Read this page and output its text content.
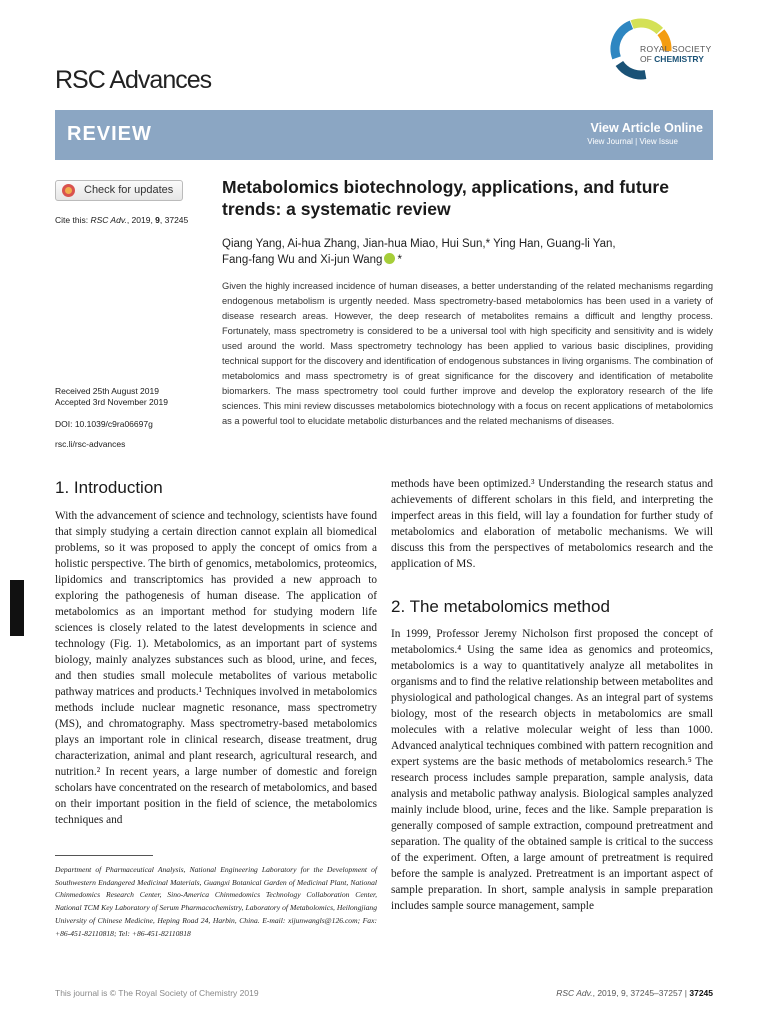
RSC Advances
ROYAL SOCIETY
OF CHEMISTRY
REVIEW	View Article Online
View Journal | View Issue
Check for updates
Cite this: RSC Adv., 2019, 9, 37245
Received 25th August 2019
Accepted 3rd November 2019
DOI: 10.1039/c9ra06697g
rsc.li/rsc-advances
Metabolomics biotechnology, applications, and future trends: a systematic review
Qiang Yang, Ai-hua Zhang, Jian-hua Miao, Hui Sun,* Ying Han, Guang-li Yan,
Fang-fang Wu and Xi-jun Wang *
Given the highly increased incidence of human diseases, a better understanding of the related mechanisms regarding endogenous metabolism is urgently needed. Mass spectrometry-based metabolomics has been used in a variety of disease research areas. However, the deep research of metabolites remains a difficult and lengthy process. Fortunately, mass spectrometry is considered to be a universal tool with high specificity and sensitivity and is widely used around the world. Mass spectrometry technology has been applied to various basic disciplines, providing technical support for the discovery and identification of endogenous substances in living organisms. The combination of metabolomics and mass spectrometry is of great significance for the discovery and identification of metabolite biomarkers. The mass spectrometry tool could further improve and develop the exploratory research of the life sciences. This mini review discusses metabolomics biotechnology with a focus on recent applications of metabolomics as a powerful tool to elucidate metabolic disturbances and the related mechanisms of diseases.
1. Introduction
With the advancement of science and technology, scientists have found that simply studying a certain direction cannot explain all biomedical problems, so it was proposed to apply the concept of omics from a holistic perspective. The birth of genomics, metabolomics, proteomics, lipidomics and transcriptomics has provided a new approach to exploring the pathogenesis of human disease. The application of metabolomics as an important method for studying modern life sciences is closely related to the latest developments in science and technology (Fig. 1). Metabolomics, as an important part of systems biology, mainly analyzes substances such as blood, urine, and feces, and then studies small molecule metabolites of various metabolic pathway matrices and products.¹ Techniques involved in metabolomics methods include nuclear magnetic resonance, mass spectrometry (MS), and chromatography. Mass spectrometry-based metabolomics plays an important role in clinical research, disease treatment, drug characterization, animal and plant research, agricultural research, and nutrition.² In recent years, a large number of domestic and foreign scholars have concentrated on the research of metabolomics, and based on their important position in the field of science, the metabolomics techniques and
methods have been optimized.³ Understanding the research status and achievements of different scholars in this field, and interpreting the imperfect areas in this field, will lay a foundation for further study of metabolomics and elaboration of metabolic mechanisms. We will discuss this from the perspectives of metabolomics research and the application of MS.
2. The metabolomics method
In 1999, Professor Jeremy Nicholson first proposed the concept of metabolomics.⁴ Using the same idea as genomics and proteomics, metabolomics is a way to quantitatively analyze all metabolites in organisms and to find the relative relationship between metabolites and physiological and pathological changes. As an integral part of systems biology, most of the research objects in metabolomics are small molecules with a relative molecular weight of less than 1000. Advanced analytical techniques combined with pattern recognition and expert systems are the basic methods of metabolomics research.⁵ The research process includes sample preparation, sample analysis, data analysis and metabolic pathway analysis. Biological samples analyzed mainly include blood, urine, feces and the like. Sample preparation is generally composed of sample extraction, compound pretreatment and separation. The quality of the obtained sample is critical to the success of the experiment. Often, a large amount of pretreatment is required before the sample is analyzed. Pretreatment is an important aspect of sample preparation. In short, sample analysis in sample preparation includes sample source management, sample
Department of Pharmaceutical Analysis, National Engineering Laboratory for the Development of Southwestern Endangered Medicinal Materials, Guangxi Botanical Garden of Medicinal Plant, National Chinmedomics Research Center, Sino-America Chinmedomics Technology Collaboration Center, National TCM Key Laboratory of Serum Pharmacochemistry, Laboratory of Metabolomics, Heilongjiang University of Chinese Medicine, Heping Road 24, Harbin, China. E-mail: xijunwangls@126.com; Fax: +86-451-82110818; Tel: +86-451-82110818
cc BY-NC
This journal is © The Royal Society of Chemistry 2019	RSC Adv., 2019, 9, 37245–37257 | 37245
